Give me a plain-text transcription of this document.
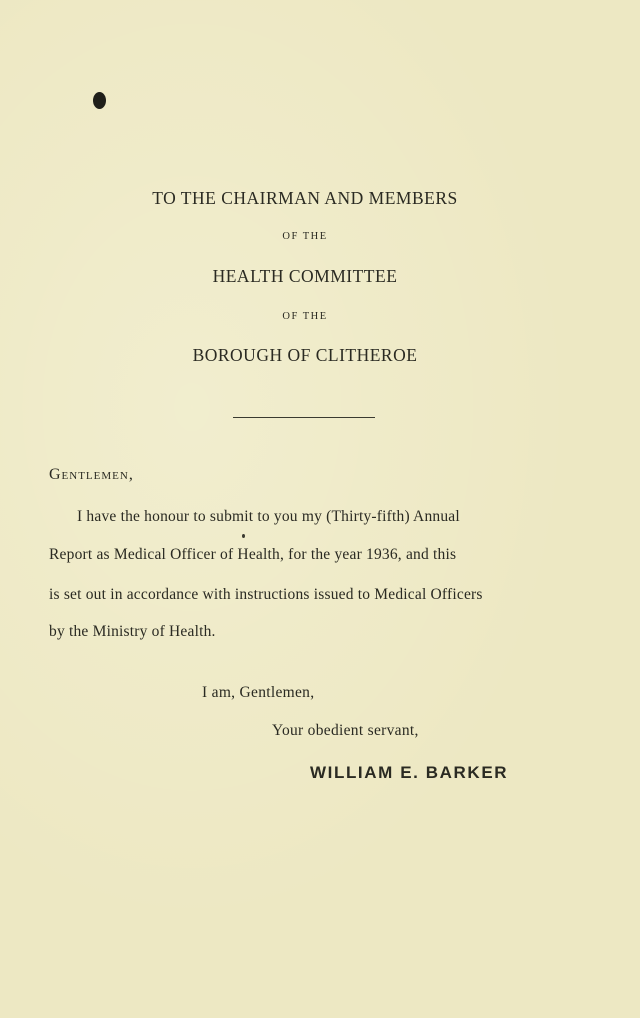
TO THE CHAIRMAN AND MEMBERS
OF THE
HEALTH COMMITTEE
OF THE
BOROUGH OF CLITHEROE
Gentlemen,
I have the honour to submit to you my (Thirty-fifth) Annual
Report as Medical Officer of Health, for the year 1936, and this
is set out in accordance with instructions issued to Medical Officers
by the Ministry of Health.
I am, Gentlemen,
Your obedient servant,
WILLIAM E. BARKER
